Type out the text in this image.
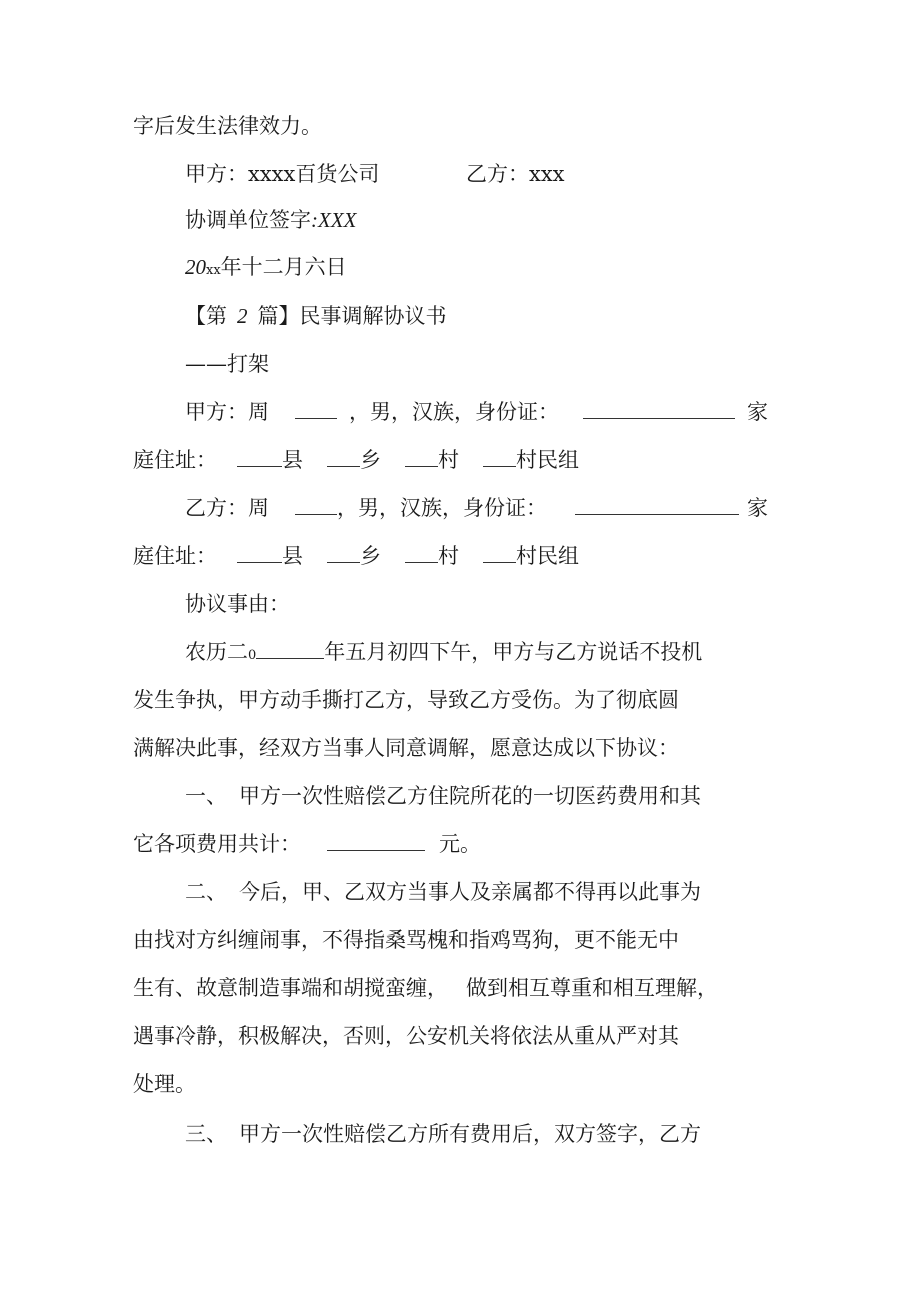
字后发生法律效力。

甲方：xxxx百货公司	乙方：xxx

协调单位签字:XXX

20xx年十二月六日

【第 2 篇】民事调解协议书

——打架

甲方：周	，男，汉族，身份证：	家

庭住址：	县	乡	村	村民组

乙方：周	，男，汉族，身份证：	家

庭住址：	县	乡	村	村民组

协议事由：

农历二0	年五月初四下午，甲方与乙方说话不投机

发生争执，甲方动手撕打乙方，导致乙方受伤。为了彻底圆

满解决此事，经双方当事人同意调解，愿意达成以下协议：

一、 甲方一次性赔偿乙方住院所花的一切医药费用和其

它各项费用共计：	元。

二、 今后，甲、乙双方当事人及亲属都不得再以此事为

由找对方纠缠闹事，不得指桑骂槐和指鸡骂狗，更不能无中

生有、故意制造事端和胡搅蛮缠， 做到相互尊重和相互理解，

遇事冷静，积极解决，否则，公安机关将依法从重从严对其

处理。

三、 甲方一次性赔偿乙方所有费用后，双方签字，乙方
